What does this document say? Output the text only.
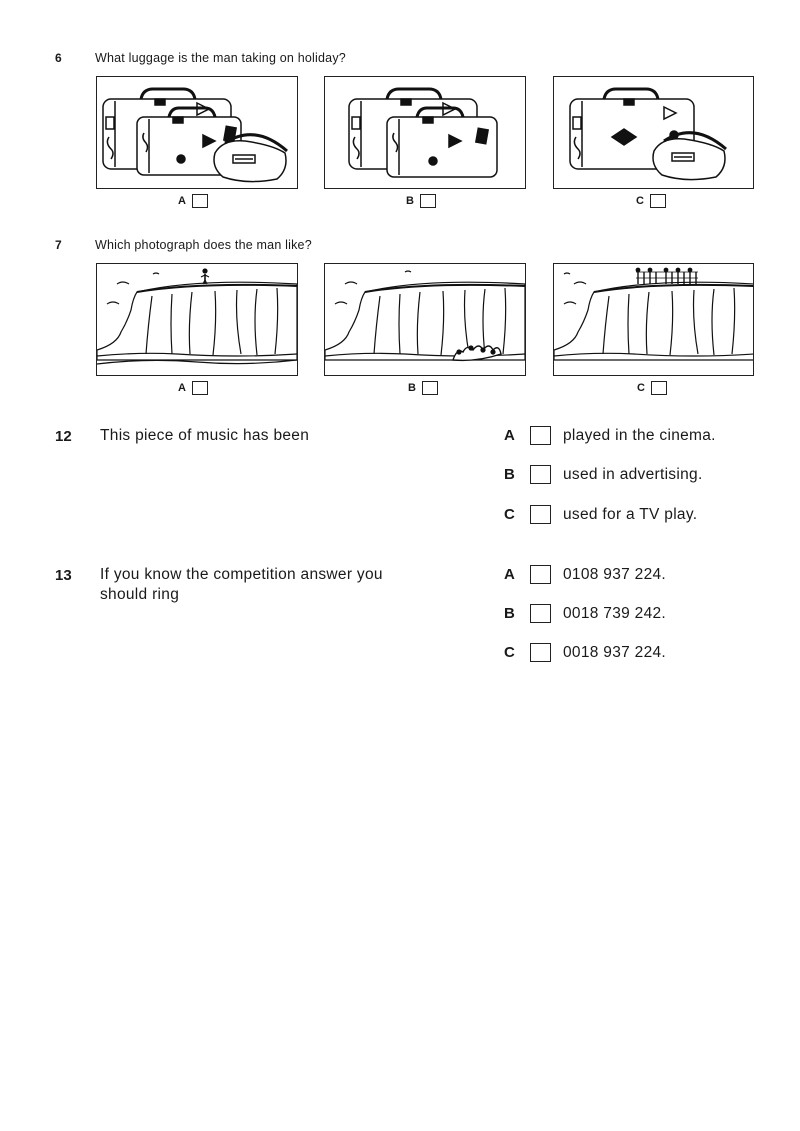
6	What luggage is the man taking on holiday?
A	B	C
7	Which photograph does the man like?
A	B	C
12 This piece of music has been	A	played in the cinema.
B	used in advertising.
C	used for a TV play.
13 If you know the competition answer you
should ring
A	0108 937 224.
B	0018 739 242.
C	0018 937 224.
